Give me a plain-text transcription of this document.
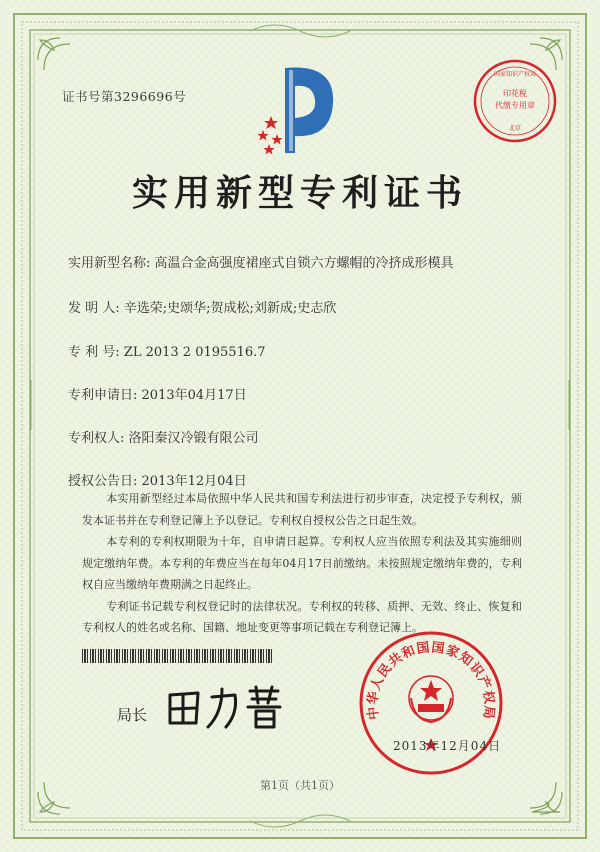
证书号第3296696号	印花税
代缴专用章
国家知识产权局
北京
实用新型专利证书
实用新型名称: 高温合金高强度裙座式自锁六方螺帽的冷挤成形模具
发 明 人: 辛选荣;史颂华;贺成松;刘新成;史志欣
专 利 号: ZL 2013 2 0195516.7
专利申请日: 2013年04月17日
专利权人: 洛阳秦汉冷锻有限公司
授权公告日: 2013年12月04日

本实用新型经过本局依照中华人民共和国专利法进行初步审查，决定授予专利权，颁发本证书并在专利登记簿上予以登记。专利权自授权公告之日起生效。

本专利的专利权期限为十年，自申请日起算。专利权人应当依照专利法及其实施细则规定缴纳年费。本专利的年费应当在每年04月17日前缴纳。未按照规定缴纳年费的，专利权自应当缴纳年费期满之日起终止。

专利证书记载专利权登记时的法律状况。专利权的转移、质押、无效、终止、恢复和专利权人的姓名或名称、国籍、地址变更等事项记载在专利登记簿上。

局长	中华人民共和国国家知识产权局
2013年12月04日
第1页（共1页）
